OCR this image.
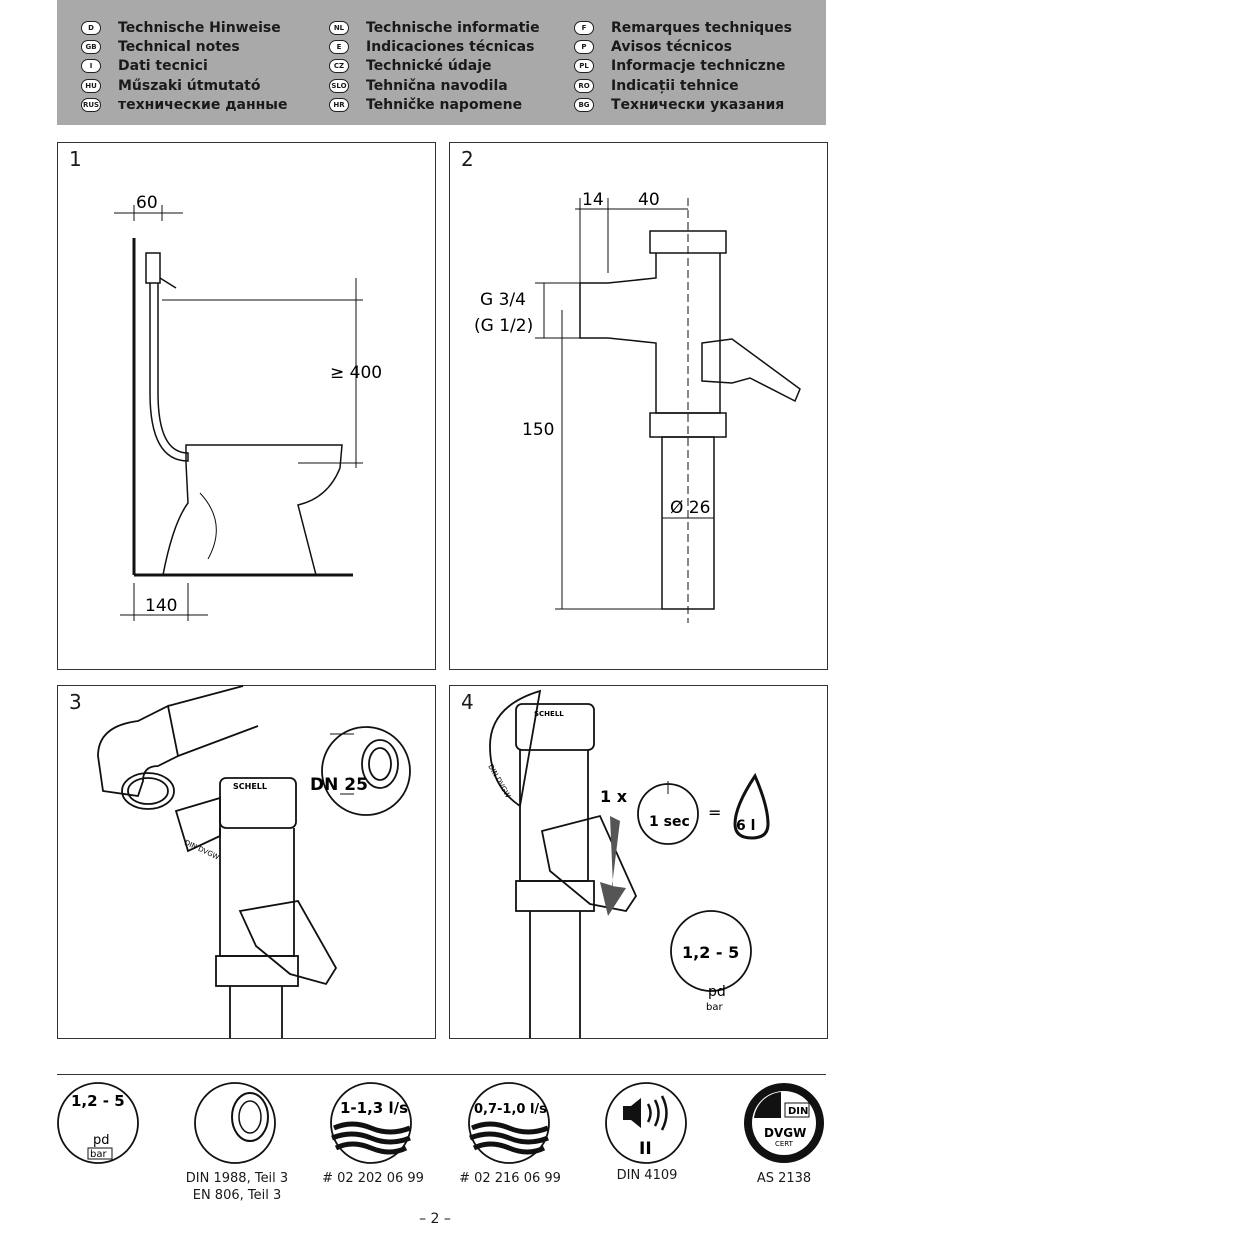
D	Technische Hinweise
GB	Technical notes
I	Dati tecnici
HU	Műszaki útmutató
RUS технические данные
NL	Technische informatie
E	Indicaciones técnicas
CZ	Technické údaje
SLO Tehnična navodila
HR	Tehničke napomene
F	Remarques techniques
P	Avisos técnicos
PL	Informacje techniczne
RO	Indicații tehnice
BG	Технически указания
1
60
≥ 400
140
2
14 40
G 3/4
(G 1/2)
150
Ø 26
3
DN 25
SCHELL
DIN DVGW
4
1 x
1 sec =
6 l
1,2 - 5
pd
bar
SCHELL
DIN DVGW
1,2 - 5
pd
bar
1-1,3 l/s	0,7-1,0 l/s
II
DIN
DVGW
CERT
DIN 1988, Teil 3
EN 806, Teil 3
# 02 202 06 99	# 02 216 06 99	DIN 4109	AS 2138
– 2 –
